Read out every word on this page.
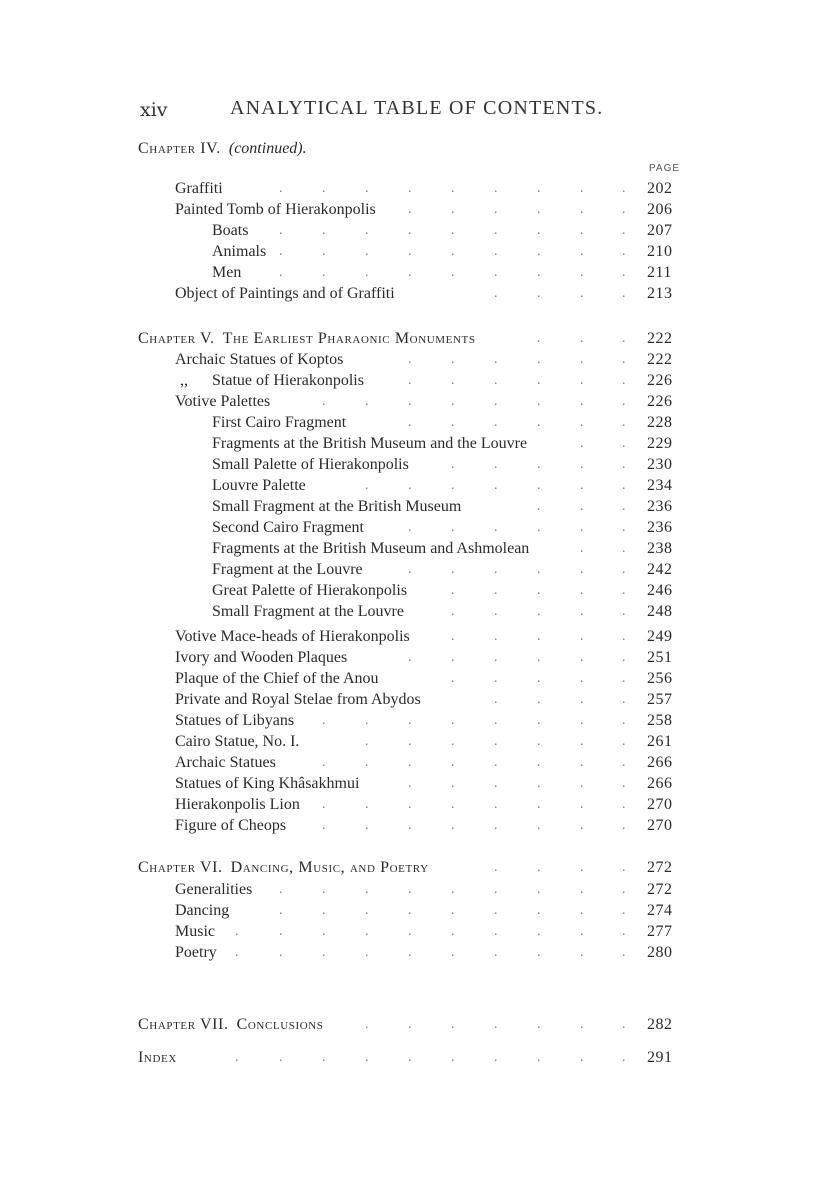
xiv	ANALYTICAL TABLE OF CONTENTS.
PAGE
Chapter IV. (continued).
Graffiti	.	.	.	.	.	.	.	.	. 202
Painted Tomb of Hierakonpolis .	.	.	.	.	. 206
Boats .	.	.	.	.	.	.	.	. 207
Animals .	.	.	.	.	.	.	.	. 210
Men	.	.	.	.	.	.	.	.	. 211
Object of Paintings and of Graffiti	.	.	.	. 213
Chapter V. The Earliest Pharaonic Monuments	.	.	. 222
Archaic Statues of Koptos	.	.	.	.	.	. 222
,, Statue of Hierakonpolis	.	.	.	.	.	. 226
Votive Palettes	.	.	.	.	.	.	.	. 226
First Cairo Fragment	.	.	.	.	.	. 228
Fragments at the British Museum and the Louvre	.	. 229
Small Palette of Hierakonpolis	.	.	.	.	. 230
Louvre Palette	.	.	.	.	.	.	. 234
Small Fragment at the British Museum	.	.	. 236
Second Cairo Fragment	.	.	.	.	.	. 236
Fragments at the British Museum and Ashmolean	.	. 238
Fragment at the Louvre	.	.	.	.	.	. 242
Great Palette of Hierakonpolis	.	.	.	.	. 246
Small Fragment at the Louvre	.	.	.	.	. 248
Votive Mace-heads of Hierakonpolis	.	.	.	.	. 249
Ivory and Wooden Plaques	.	.	.	.	.	. 251
Plaque of the Chief of the Anou	.	.	.	.	. 256
Private and Royal Stelae from Abydos	.	.	.	. 257
Statues of Libyans .	.	.	.	.	.	.	. 258
Cairo Statue, No. I.	.	.	.	.	.	.	. 261
Archaic Statues	.	.	.	.	.	.	.	. 266
Statues of King Khâsakhmui	.	.	.	.	.	. 266
Hierakonpolis Lion .	.	.	.	.	.	.	. 270
Figure of Cheops	.	.	.	.	.	.	.	. 270
Chapter VI. Dancing, Music, and Poetry	.	.	.	. 272
Generalities .	.	.	.	.	.	.	.	. 272
Dancing	.	.	.	.	.	.	.	.	. 274
Music .	.	.	.	.	.	.	.	.	. 277
Poetry .	.	.	.	.	.	.	.	.	. 280
Chapter VII. Conclusions	.	.	.	.	.	.	. 282
Index	.	.	.	.	.	.	.	.	.	. 291
